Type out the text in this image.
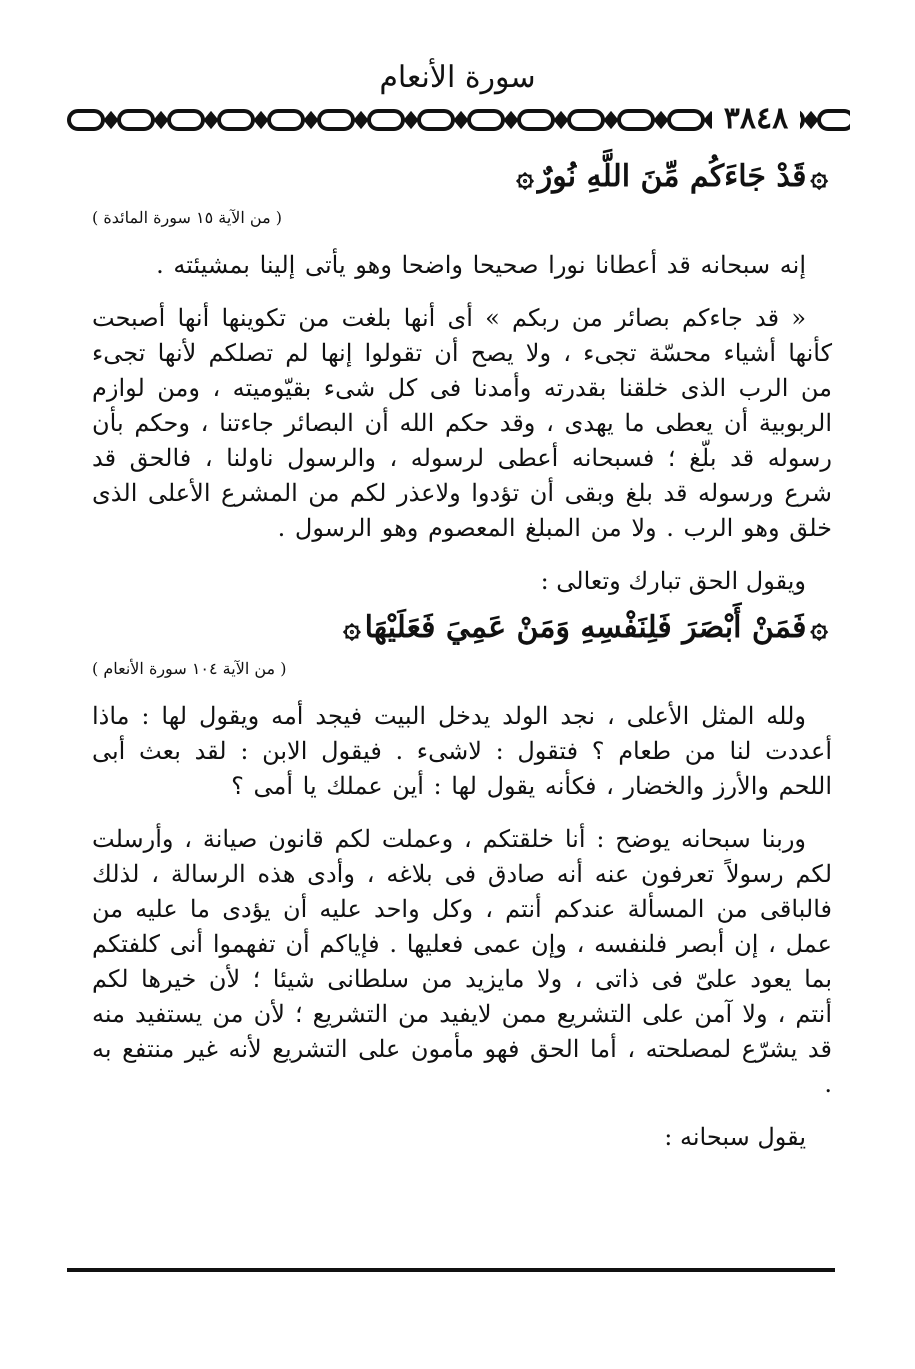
سورة الأنعام
٣٨٤٨
۞قَدْ جَاءَكُم مِّنَ اللَّهِ نُورٌ۞
( من الآية ١٥ سورة المائدة )

إنه سبحانه قد أعطانا نورا صحيحا واضحا وهو يأتى إلينا بمشيئته .

« قد جاءكم بصائر من ربكم » أى أنها بلغت من تكوينها أنها أصبحت كأنها أشياء محسّة تجىء ، ولا يصح أن تقولوا إنها لم تصلكم لأنها تجىء من الرب الذى خلقنا بقدرته وأمدنا فى كل شىء بقيّوميته ، ومن لوازم الربوبية أن يعطى ما يهدى ، وقد حكم الله أن البصائر جاءتنا ، وحكم بأن رسوله قد بلّغ ؛ فسبحانه أعطى لرسوله ، والرسول ناولنا ، فالحق قد شرع ورسوله قد بلغ وبقى أن تؤدوا ولاعذر لكم من المشرع الأعلى الذى خلق وهو الرب . ولا من المبلغ المعصوم وهو الرسول .

ويقول الحق تبارك وتعالى :
۞فَمَنْ أَبْصَرَ فَلِنَفْسِهِ وَمَنْ عَمِيَ فَعَلَيْهَا۞
( من الآية ١٠٤ سورة الأنعام )

ولله المثل الأعلى ، نجد الولد يدخل البيت فيجد أمه ويقول لها : ماذا أعددت لنا من طعام ؟ فتقول : لاشىء . فيقول الابن : لقد بعث أبى اللحم والأرز والخضار ، فكأنه يقول لها : أين عملك يا أمى ؟

وربنا سبحانه يوضح : أنا خلقتكم ، وعملت لكم قانون صيانة ، وأرسلت لكم رسولاً تعرفون عنه أنه صادق فى بلاغه ، وأدى هذه الرسالة ، لذلك فالباقى من المسألة عندكم أنتم ، وكل واحد عليه أن يؤدى ما عليه من عمل ، إن أبصر فلنفسه ، وإن عمى فعليها . فإياكم أن تفهموا أنى كلفتكم بما يعود علىّ فى ذاتى ، ولا مايزيد من سلطانى شيئا ؛ لأن خيرها لكم أنتم ، ولا آمن على التشريع ممن لايفيد من التشريع ؛ لأن من يستفيد منه قد يشرّع لمصلحته ، أما الحق فهو مأمون على التشريع لأنه غير منتفع به .

يقول سبحانه :
